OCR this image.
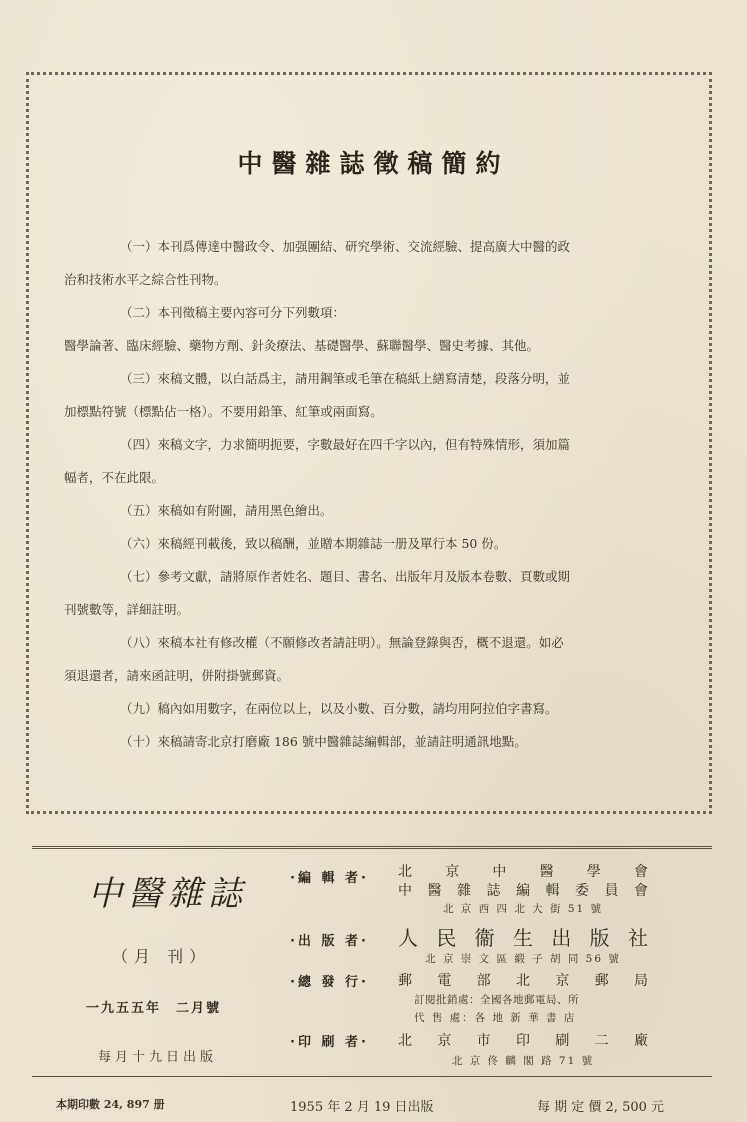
中醫雜誌徵稿簡約
（一）本刊爲傳達中醫政令、加强團結、研究學術、交流經驗、提高廣大中醫的政
治和技術水平之綜合性刊物。
（二）本刊徵稿主要內容可分下列數項：
醫學論著、臨床經驗、藥物方劑、針灸療法、基礎醫學、蘇聯醫學、醫史考據、其他。
（三）來稿文體，以白話爲主，請用鋼筆或毛筆在稿紙上繕寫清楚，段落分明，並
加標點符號（標點佔一格）。不要用鉛筆、紅筆或兩面寫。
（四）來稿文字，力求簡明扼要，字數最好在四千字以內，但有特殊情形，須加篇
幅者，不在此限。
（五）來稿如有附圖，請用黑色繪出。
（六）來稿經刊載後，致以稿酬，並贈本期雜誌一册及單行本 50 份。
（七）參考文獻，請將原作者姓名、題目、書名、出版年月及版本卷數、頁數或期
刊號數等，詳細註明。
（八）來稿本社有修改權（不願修改者請註明）。無論登錄與否，概不退還。如必
須退還者，請來函註明，併附掛號郵資。
（九）稿內如用數字，在兩位以上，以及小數、百分數，請均用阿拉伯字書寫。
（十）來稿請寄北京打磨廠 186 號中醫雜誌編輯部，並請註明通訊地點。
中醫雜誌
（月 刊）
一九五五年　二月號
每月十九日出版
·編 輯 者· 北 京 中 醫 學 會
中 醫 雜 誌 編 輯 委 員 會
北 京 西 四 北 大 街 51 號
·出 版 者· 人 民 衞 生 出 版 社
北 京 崇 文 區 緞 子 胡 同 56 號
·總 發 行· 郵 電 部 北 京 郵 局
訂閱批銷處：全國各地郵電局、所
代 售 處：各 地 新 華 書 店
·印 刷 者· 北 京 市 印 刷 二 廠
北 京 佟 麟 閣 路 71 號
本期印數 24, 897 册	1955 年 2 月 19 日出版	每 期 定 價 2, 500 元
